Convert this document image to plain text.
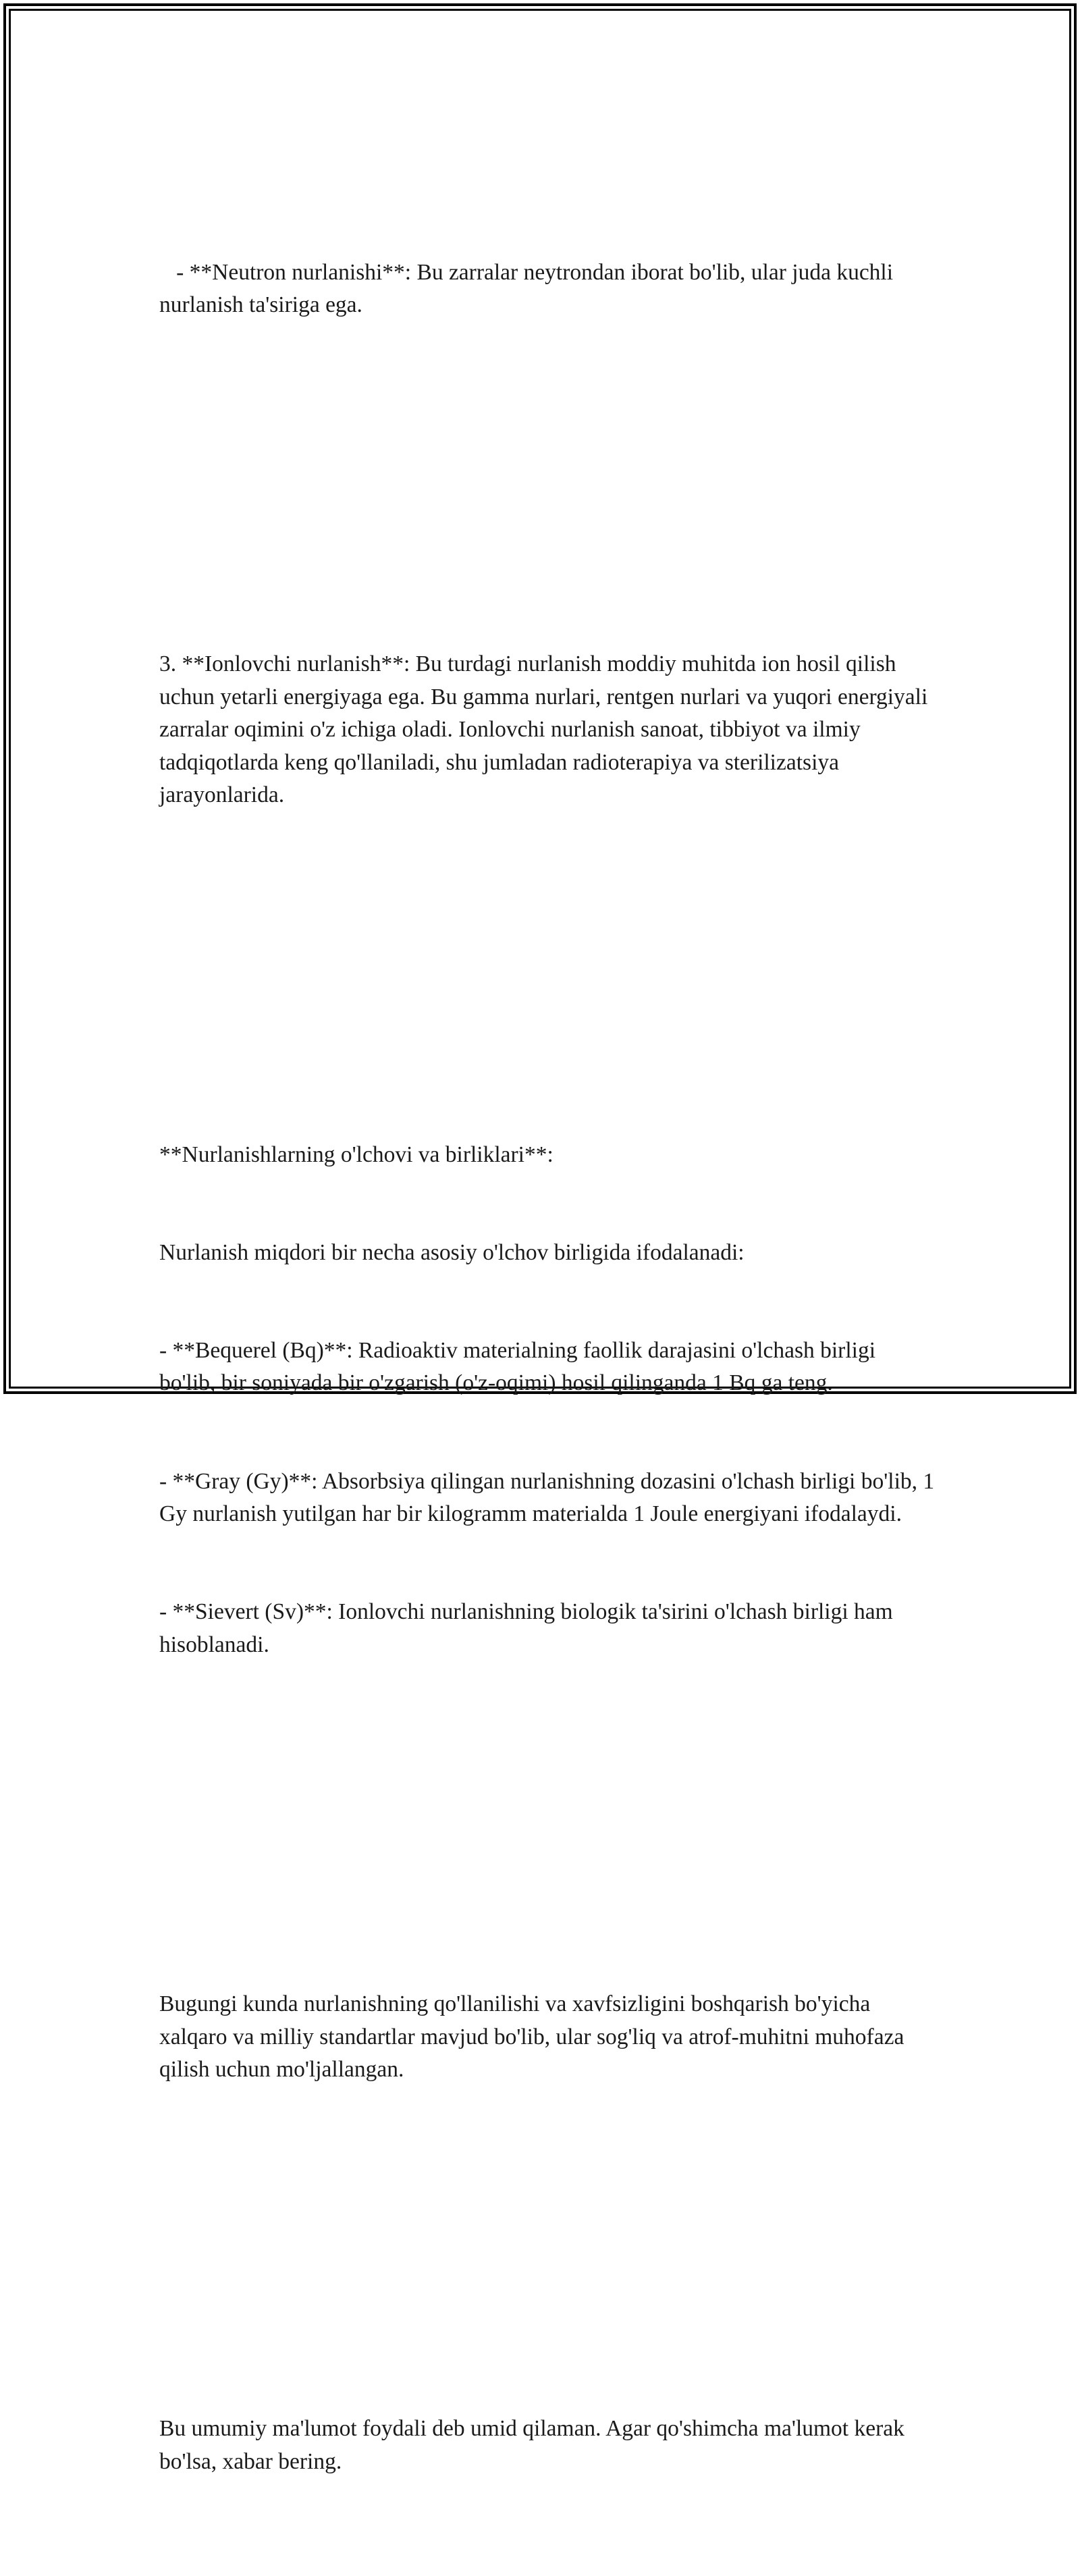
- **Neutron nurlanishi**: Bu zarralar neytrondan iborat bo'lib, ular juda kuchli nurlanish ta'siriga ega.

3. **Ionlovchi nurlanish**: Bu turdagi nurlanish moddiy muhitda ion hosil qilish uchun yetarli energiyaga ega. Bu gamma nurlari, rentgen nurlari va yuqori energiyali zarralar oqimini o'z ichiga oladi. Ionlovchi nurlanish sanoat, tibbiyot va ilmiy tadqiqotlarda keng qo'llaniladi, shu jumladan radioterapiya va sterilizatsiya jarayonlarida.

**Nurlanishlarning o'lchovi va birliklari**:

Nurlanish miqdori bir necha asosiy o'lchov birligida ifodalanadi:

- **Bequerel (Bq)**: Radioaktiv materialning faollik darajasini o'lchash birligi bo'lib, bir soniyada bir o'zgarish (o'z-oqimi) hosil qilinganda 1 Bq ga teng.

- **Gray (Gy)**: Absorbsiya qilingan nurlanishning dozasini o'lchash birligi bo'lib, 1 Gy nurlanish yutilgan har bir kilogramm materialda 1 Joule energiyani ifodalaydi.

- **Sievert (Sv)**: Ionlovchi nurlanishning biologik ta'sirini o'lchash birligi ham hisoblanadi.

Bugungi kunda nurlanishning qo'llanilishi va xavfsizligini boshqarish bo'yicha xalqaro va milliy standartlar mavjud bo'lib, ular sog'liq va atrof-muhitni muhofaza qilish uchun mo'ljallangan.

Bu umumiy ma'lumot foydali deb umid qilaman. Agar qo'shimcha ma'lumot kerak bo'lsa, xabar bering.
